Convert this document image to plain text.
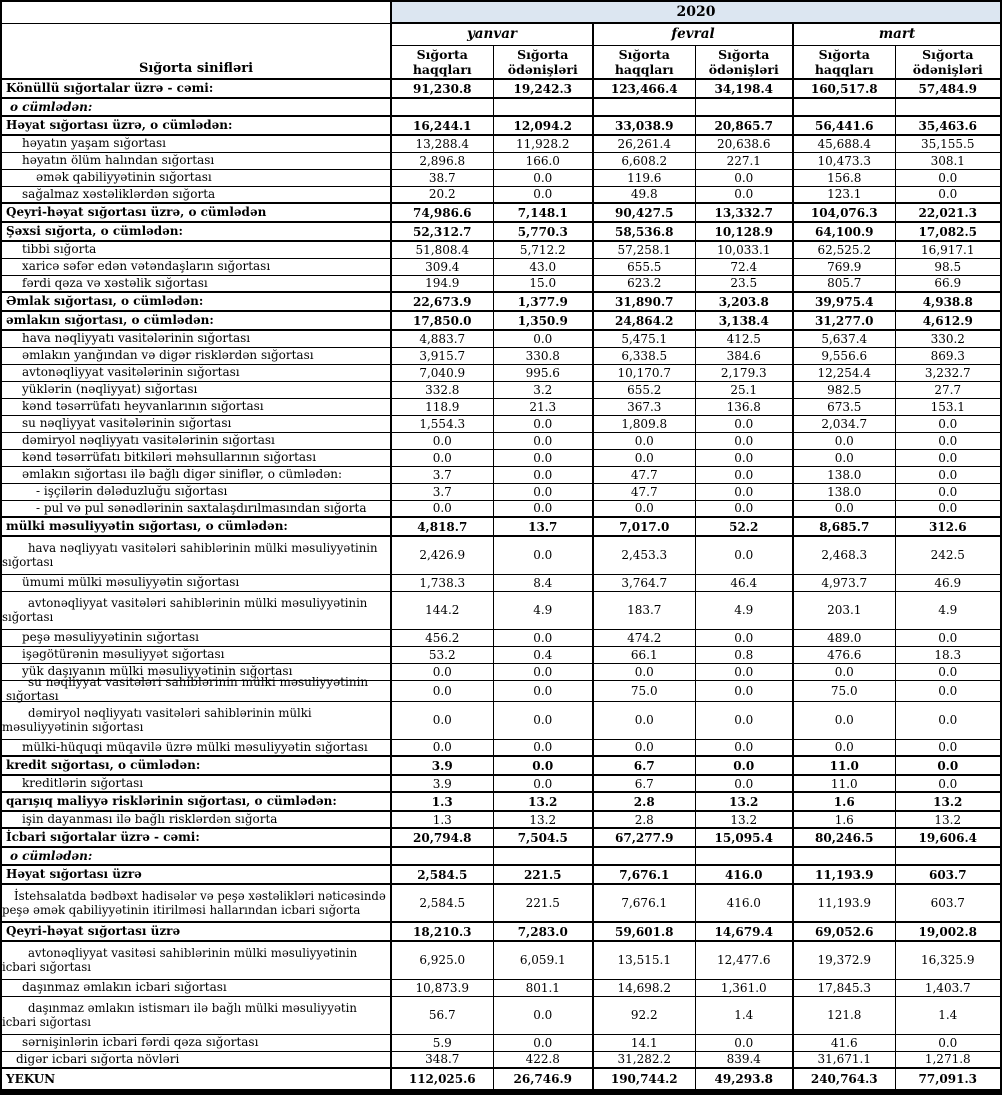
	2020					
Sığorta sinifləri	yanvar		fevral		mart	
	Sığorta haqqları	Sığorta ödənişləri	Sığorta haqqları	Sığorta ödənişləri	Sığorta haqqları	Sığorta ödənişləri
Könüllü sığortalar üzrə - cəmi:	91,230.8	19,242.3	123,466.4	34,198.4	160,517.8	57,484.9
o cümlədən:						
Həyat sığortası üzrə, o cümlədən:	16,244.1	12,094.2	33,038.9	20,865.7	56,441.6	35,463.6
həyatın yaşam sığortası	13,288.4	11,928.2	26,261.4	20,638.6	45,688.4	35,155.5
həyatın ölüm halından sığortası	2,896.8	166.0	6,608.2	227.1	10,473.3	308.1
əmək qabiliyyətinin sığortası	38.7	0.0	119.6	0.0	156.8	0.0
sağalmaz xəstəliklərdən sığorta	20.2	0.0	49.8	0.0	123.1	0.0
Qeyri-həyat sığortası üzrə, o cümlədən	74,986.6	7,148.1	90,427.5	13,332.7	104,076.3	22,021.3
Şəxsi sığorta, o cümlədən:	52,312.7	5,770.3	58,536.8	10,128.9	64,100.9	17,082.5
tibbi sığorta	51,808.4	5,712.2	57,258.1	10,033.1	62,525.2	16,917.1
xaricə səfər edən vətəndaşların sığortası	309.4	43.0	655.5	72.4	769.9	98.5
fərdi qəza və xəstəlik sığortası	194.9	15.0	623.2	23.5	805.7	66.9
Əmlak sığortası, o cümlədən:	22,673.9	1,377.9	31,890.7	3,203.8	39,975.4	4,938.8
əmlakın sığortası, o cümlədən:	17,850.0	1,350.9	24,864.2	3,138.4	31,277.0	4,612.9
hava nəqliyyatı vasitələrinin sığortası	4,883.7	0.0	5,475.1	412.5	5,637.4	330.2
əmlakın yanğından və digər risklərdən sığortası	3,915.7	330.8	6,338.5	384.6	9,556.6	869.3
avtonəqliyyat vasitələrinin sığortası	7,040.9	995.6	10,170.7	2,179.3	12,254.4	3,232.7
yüklərin (nəqliyyat) sığortası	332.8	3.2	655.2	25.1	982.5	27.7
kənd təsərrüfatı heyvanlarının sığortası	118.9	21.3	367.3	136.8	673.5	153.1
su nəqliyyat vasitələrinin sığortası	1,554.3	0.0	1,809.8	0.0	2,034.7	0.0
dəmiryol nəqliyyatı vasitələrinin sığortası	0.0	0.0	0.0	0.0	0.0	0.0
kənd təsərrüfatı bitkiləri məhsullarının sığortası	0.0	0.0	0.0	0.0	0.0	0.0
əmlakın sığortası ilə bağlı digər siniflər, o cümlədən:	3.7	0.0	47.7	0.0	138.0	0.0
- işçilərin dələduzluğu sığortası	3.7	0.0	47.7	0.0	138.0	0.0
- pul və pul sənədlərinin saxtalaşdırılmasından sığorta	0.0	0.0	0.0	0.0	0.0	0.0
mülki məsuliyyətin sığortası, o cümlədən:	4,818.7	13.7	7,017.0	52.2	8,685.7	312.6
hava nəqliyyatı vasitələri sahiblərinin mülki məsuliyyətinin sığortası	2,426.9	0.0	2,453.3	0.0	2,468.3	242.5
ümumi mülki məsuliyyətin sığortası	1,738.3	8.4	3,764.7	46.4	4,973.7	46.9
avtonəqliyyat vasitələri sahiblərinin mülki məsuliyyətinin sığortası	144.2	4.9	183.7	4.9	203.1	4.9
peşə məsuliyyətinin sığortası	456.2	0.0	474.2	0.0	489.0	0.0
işəgötürənin məsuliyyət sığortası	53.2	0.4	66.1	0.8	476.6	18.3
yük daşıyanın mülki məsuliyyətinin sığortası	0.0	0.0	0.0	0.0	0.0	0.0

su nəqliyyat vasitələri sahiblərinin mülki məsuliyyətinin
sığortası	0.0	0.0	75.0	0.0	75.0	0.0
dəmiryol nəqliyyatı vasitələri sahiblərinin mülki məsuliyyətinin sığortası	0.0	0.0	0.0	0.0	0.0	0.0
mülki-hüquqi müqavilə üzrə mülki məsuliyyətin sığortası	0.0	0.0	0.0	0.0	0.0	0.0
kredit sığortası, o cümlədən:	3.9	0.0	6.7	0.0	11.0	0.0
kreditlərin sığortası	3.9	0.0	6.7	0.0	11.0	0.0
qarışıq maliyyə risklərinin sığortası, o cümlədən:	1.3	13.2	2.8	13.2	1.6	13.2
işin dayanması ilə bağlı risklərdən sığorta	1.3	13.2	2.8	13.2	1.6	13.2
İcbari sığortalar üzrə - cəmi:	20,794.8	7,504.5	67,277.9	15,095.4	80,246.5	19,606.4
o cümlədən:						
Həyat sığortası üzrə	2,584.5	221.5	7,676.1	416.0	11,193.9	603.7
İstehsalatda bədbəxt hadisələr və peşə xəstəlikləri nəticəsində peşə əmək qabiliyyətinin itirilməsi hallarından icbari sığorta	2,584.5	221.5	7,676.1	416.0	11,193.9	603.7
Qeyri-həyat sığortası üzrə	18,210.3	7,283.0	59,601.8	14,679.4	69,052.6	19,002.8
avtonəqliyyat vasitəsi sahiblərinin mülki məsuliyyətinin icbari sığortası	6,925.0	6,059.1	13,515.1	12,477.6	19,372.9	16,325.9
daşınmaz əmlakın icbari sığortası	10,873.9	801.1	14,698.2	1,361.0	17,845.3	1,403.7
daşınmaz əmlakın istismarı ilə bağlı mülki məsuliyyətin icbari sığortası	56.7	0.0	92.2	1.4	121.8	1.4
sərnişinlərin icbari fərdi qəza sığortası	5.9	0.0	14.1	0.0	41.6	0.0
digər icbari sığorta növləri	348.7	422.8	31,282.2	839.4	31,671.1	1,271.8
YEKUN	112,025.6	26,746.9	190,744.2	49,293.8	240,764.3	77,091.3
